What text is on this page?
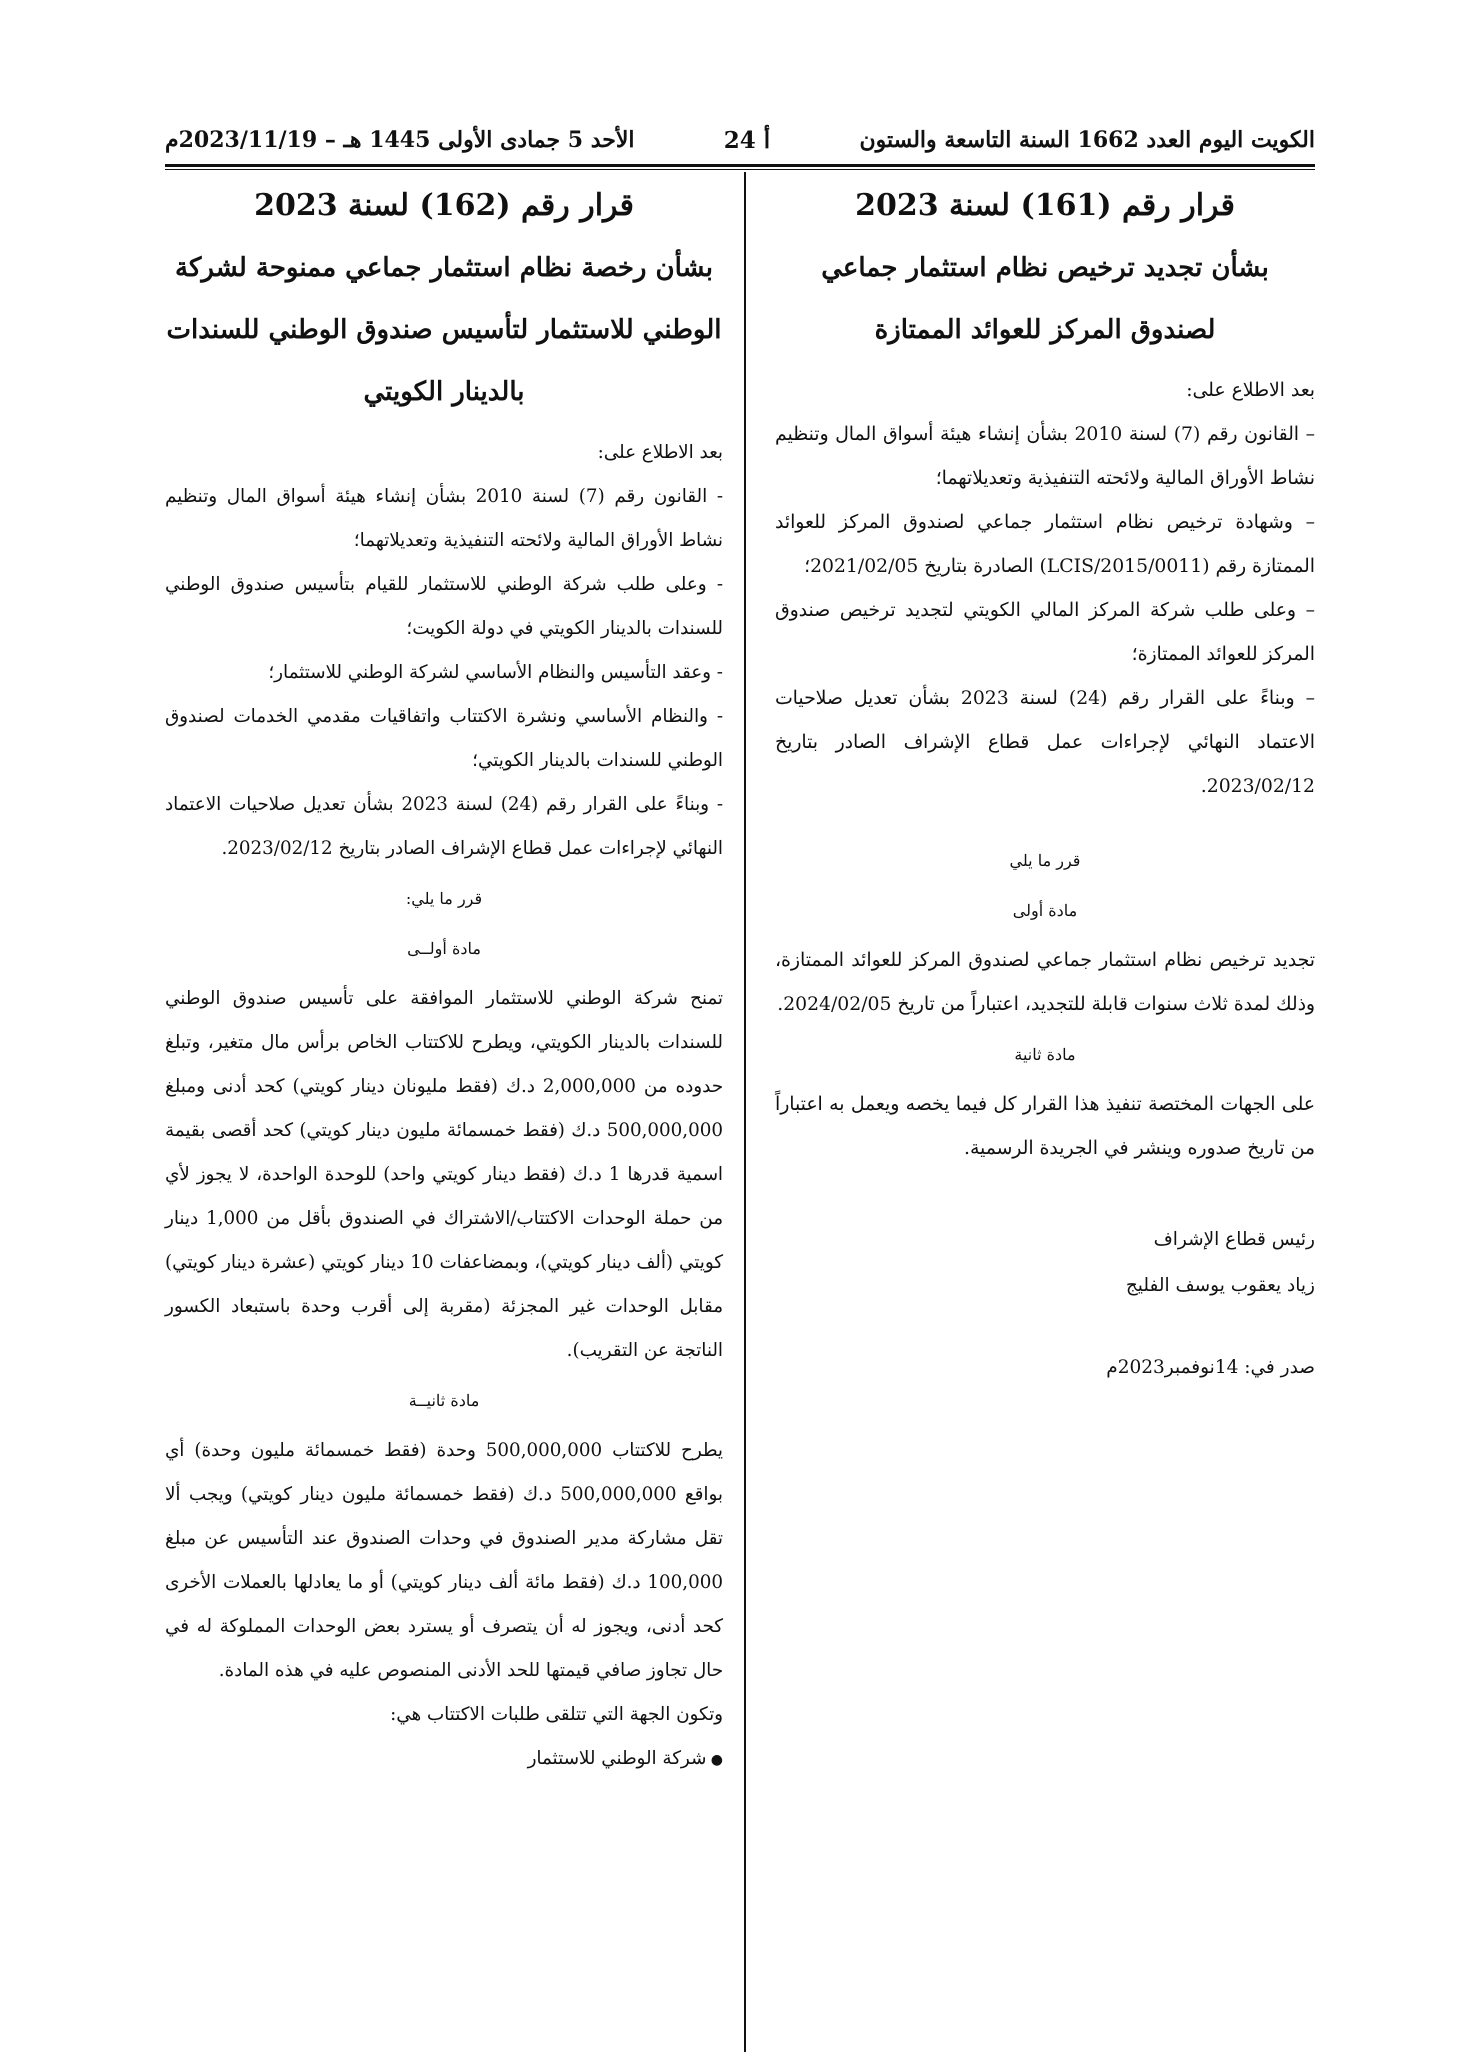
الكويت اليوم العدد 1662 السنة التاسعة والستون
أ 24
الأحد 5 جمادى الأولى 1445 هـ – 2023/11/19م
قرار رقم (161) لسنة 2023
بشأن تجديد ترخيص نظام استثمار جماعي لصندوق المركز للعوائد الممتازة

بعد الاطلاع على:

– القانون رقم (7) لسنة 2010 بشأن إنشاء هيئة أسواق المال وتنظيم نشاط الأوراق المالية ولائحته التنفيذية وتعديلاتهما؛

– وشهادة ترخيص نظام استثمار جماعي لصندوق المركز للعوائد الممتازة رقم (LCIS/2015/0011) الصادرة بتاريخ 2021/02/05؛

– وعلى طلب شركة المركز المالي الكويتي لتجديد ترخيص صندوق المركز للعوائد الممتازة؛

– وبناءً على القرار رقم (24) لسنة 2023 بشأن تعديل صلاحيات الاعتماد النهائي لإجراءات عمل قطاع الإشراف الصادر بتاريخ 2023/02/12.

قرر ما يلي
مادة أولى

تجديد ترخيص نظام استثمار جماعي لصندوق المركز للعوائد الممتازة، وذلك لمدة ثلاث سنوات قابلة للتجديد، اعتباراً من تاريخ 2024/02/05.

مادة ثانية

على الجهات المختصة تنفيذ هذا القرار كل فيما يخصه ويعمل به اعتباراً من تاريخ صدوره وينشر في الجريدة الرسمية.

رئيس قطاع الإشراف

زياد يعقوب يوسف الفليج

صدر في: 14نوفمبر2023م
قرار رقم (162) لسنة 2023
بشأن رخصة نظام استثمار جماعي ممنوحة لشركة الوطني للاستثمار لتأسيس صندوق الوطني للسندات بالدينار الكويتي

بعد الاطلاع على:

- القانون رقم (7) لسنة 2010 بشأن إنشاء هيئة أسواق المال وتنظيم نشاط الأوراق المالية ولائحته التنفيذية وتعديلاتهما؛

- وعلى طلب شركة الوطني للاستثمار للقيام بتأسيس صندوق الوطني للسندات بالدينار الكويتي في دولة الكويت؛

- وعقد التأسيس والنظام الأساسي لشركة الوطني للاستثمار؛

- والنظام الأساسي ونشرة الاكتتاب واتفاقيات مقدمي الخدمات لصندوق الوطني للسندات بالدينار الكويتي؛

- وبناءً على القرار رقم (24) لسنة 2023 بشأن تعديل صلاحيات الاعتماد النهائي لإجراءات عمل قطاع الإشراف الصادر بتاريخ 2023/02/12.

قرر ما يلي:
مادة أولــى

تمنح شركة الوطني للاستثمار الموافقة على تأسيس صندوق الوطني للسندات بالدينار الكويتي، ويطرح للاكتتاب الخاص برأس مال متغير، وتبلغ حدوده من 2,000,000 د.ك (فقط مليونان دينار كويتي) كحد أدنى ومبلغ 500,000,000 د.ك (فقط خمسمائة مليون دينار كويتي) كحد أقصى بقيمة اسمية قدرها 1 د.ك (فقط دينار كويتي واحد) للوحدة الواحدة، لا يجوز لأي من حملة الوحدات الاكتتاب/الاشتراك في الصندوق بأقل من 1,000 دينار كويتي (ألف دينار كويتي)، وبمضاعفات 10 دينار كويتي (عشرة دينار كويتي) مقابل الوحدات غير المجزئة (مقربة إلى أقرب وحدة باستبعاد الكسور الناتجة عن التقريب).

مادة ثانيــة

يطرح للاكتتاب 500,000,000 وحدة (فقط خمسمائة مليون وحدة) أي بواقع 500,000,000 د.ك (فقط خمسمائة مليون دينار كويتي) ويجب ألا تقل مشاركة مدير الصندوق في وحدات الصندوق عند التأسيس عن مبلغ 100,000 د.ك (فقط مائة ألف دينار كويتي) أو ما يعادلها بالعملات الأخرى كحد أدنى، ويجوز له أن يتصرف أو يسترد بعض الوحدات المملوكة له في حال تجاوز صافي قيمتها للحد الأدنى المنصوص عليه في هذه المادة.

وتكون الجهة التي تتلقى طلبات الاكتتاب هي:

● شركة الوطني للاستثمار
